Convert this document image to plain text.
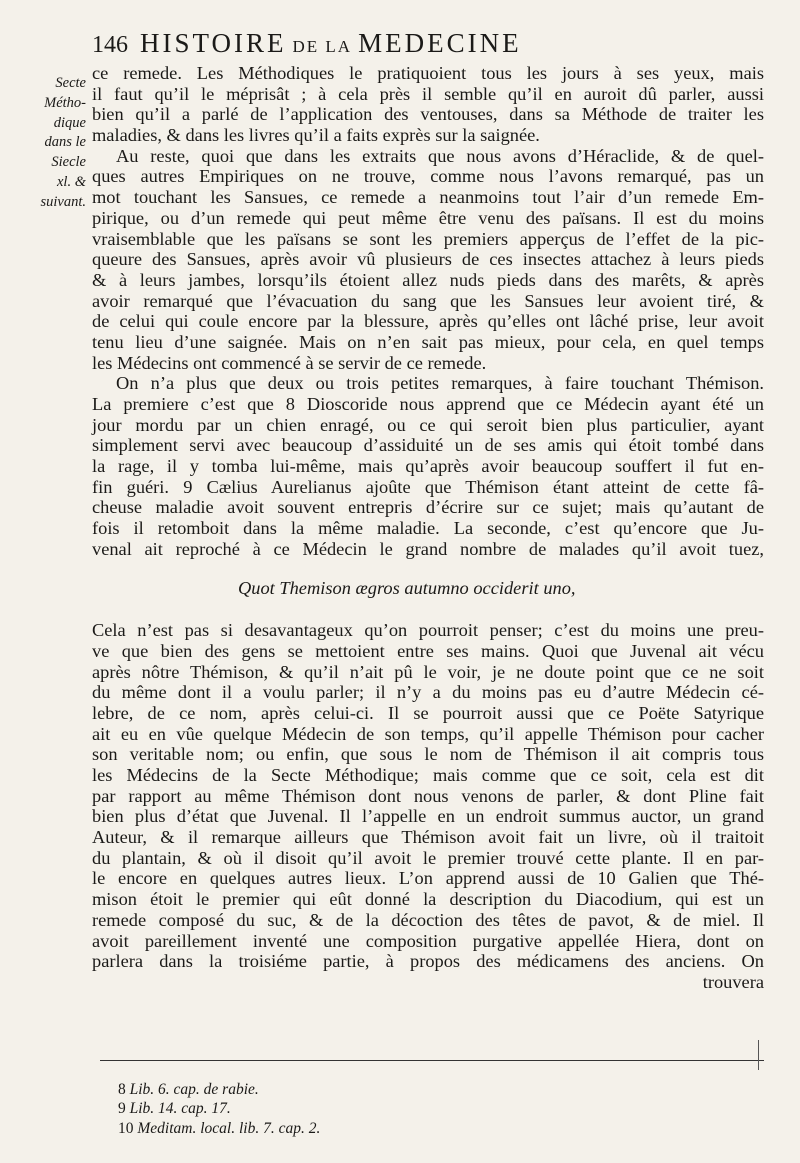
146 HISTOIRE DE LA MEDECINE
Secte
Métho-
dique
dans le
Siecle
xl. &
suivant.
ce remede. Les Méthodiques le pratiquoient tous les jours à ses yeux, mais
il faut qu’il le méprisât ; à cela près il semble qu’il en auroit dû parler, aussi
bien qu’il a parlé de l’application des ventouses, dans sa Méthode de traiter les
maladies, & dans les livres qu’il a faits exprès sur la saignée.
Au reste, quoi que dans les extraits que nous avons d’Héraclide, & de quel-
ques autres Empiriques on ne trouve, comme nous l’avons remarqué, pas un
mot touchant les Sansues, ce remede a neanmoins tout l’air d’un remede Em-
pirique, ou d’un remede qui peut même être venu des païsans. Il est du moins
vraisemblable que les païsans se sont les premiers apperçus de l’effet de la pic-
queure des Sansues, après avoir vû plusieurs de ces insectes attachez à leurs pieds
& à leurs jambes, lorsqu’ils étoient allez nuds pieds dans des marêts, & après
avoir remarqué que l’évacuation du sang que les Sansues leur avoient tiré, &
de celui qui coule encore par la blessure, après qu’elles ont lâché prise, leur avoit
tenu lieu d’une saignée. Mais on n’en sait pas mieux, pour cela, en quel temps
les Médecins ont commencé à se servir de ce remede.
On n’a plus que deux ou trois petites remarques, à faire touchant Thémison.
La premiere c’est que 8 Dioscoride nous apprend que ce Médecin ayant été un
jour mordu par un chien enragé, ou ce qui seroit bien plus particulier, ayant
simplement servi avec beaucoup d’assiduité un de ses amis qui étoit tombé dans
la rage, il y tomba lui-même, mais qu’après avoir beaucoup souffert il fut en-
fin guéri. 9 Cælius Aurelianus ajoûte que Thémison étant atteint de cette fâ-
cheuse maladie avoit souvent entrepris d’écrire sur ce sujet; mais qu’autant de
fois il retomboit dans la même maladie. La seconde, c’est qu’encore que Ju-
venal ait reproché à ce Médecin le grand nombre de malades qu’il avoit tuez,
Quot Themison ægros autumno occiderit uno,
Cela n’est pas si desavantageux qu’on pourroit penser; c’est du moins une preu-
ve que bien des gens se mettoient entre ses mains. Quoi que Juvenal ait vécu
après nôtre Thémison, & qu’il n’ait pû le voir, je ne doute point que ce ne soit
du même dont il a voulu parler; il n’y a du moins pas eu d’autre Médecin cé-
lebre, de ce nom, après celui-ci. Il se pourroit aussi que ce Poëte Satyrique
ait eu en vûe quelque Médecin de son temps, qu’il appelle Thémison pour cacher
son veritable nom; ou enfin, que sous le nom de Thémison il ait compris tous
les Médecins de la Secte Méthodique; mais comme que ce soit, cela est dit
par rapport au même Thémison dont nous venons de parler, & dont Pline fait
bien plus d’état que Juvenal. Il l’appelle en un endroit summus auctor, un grand
Auteur, & il remarque ailleurs que Thémison avoit fait un livre, où il traitoit
du plantain, & où il disoit qu’il avoit le premier trouvé cette plante. Il en par-
le encore en quelques autres lieux. L’on apprend aussi de 10 Galien que Thé-
mison étoit le premier qui eût donné la description du Diacodium, qui est un
remede composé du suc, & de la décoction des têtes de pavot, & de miel. Il
avoit pareillement inventé une composition purgative appellée Hiera, dont on
parlera dans la troisiéme partie, à propos des médicamens des anciens. On
trouvera
8 Lib. 6. cap. de rabie.
9 Lib. 14. cap. 17.
10 Meditam. local. lib. 7. cap. 2.
